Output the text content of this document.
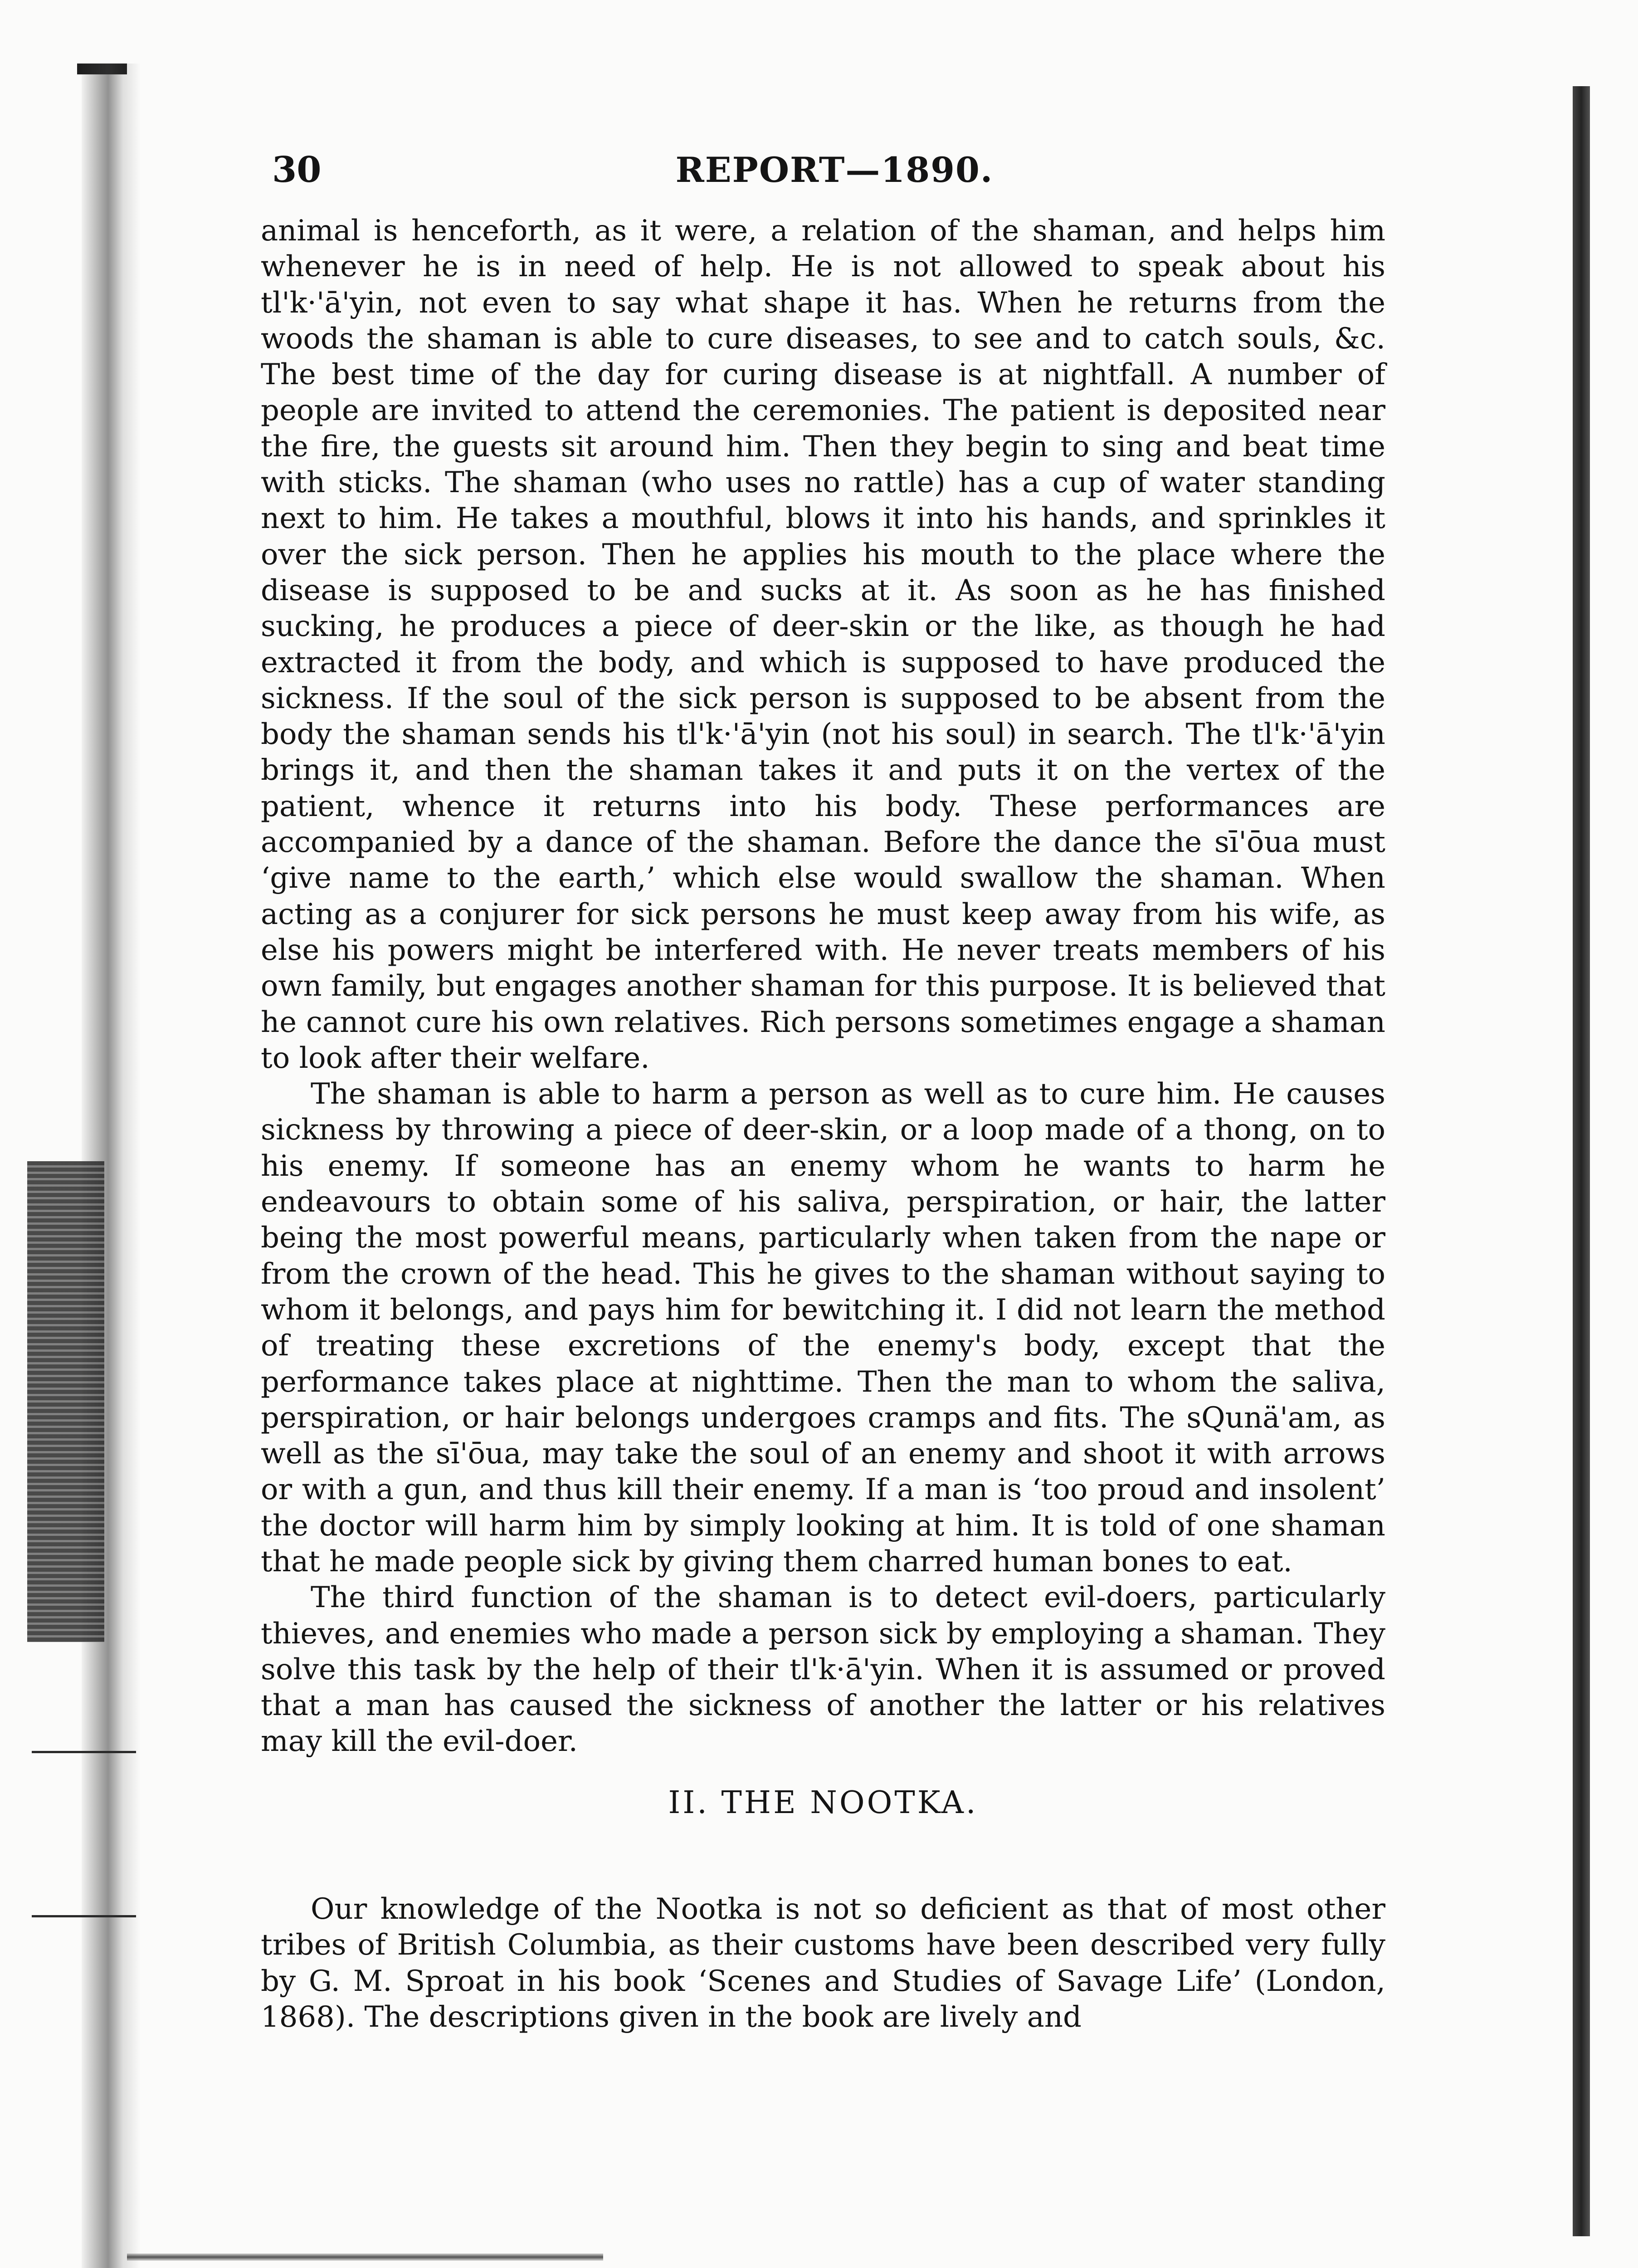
30	REPORT—1890.

animal is henceforth, as it were, a relation of the shaman, and helps him whenever he is in need of help. He is not allowed to speak about his tl'k·'ā'yin, not even to say what shape it has. When he returns from the woods the shaman is able to cure diseases, to see and to catch souls, &c. The best time of the day for curing disease is at nightfall. A number of people are invited to attend the ceremonies. The patient is deposited near the fire, the guests sit around him. Then they begin to sing and beat time with sticks. The shaman (who uses no rattle) has a cup of water standing next to him. He takes a mouthful, blows it into his hands, and sprinkles it over the sick person. Then he applies his mouth to the place where the disease is supposed to be and sucks at it. As soon as he has finished sucking, he produces a piece of deer-skin or the like, as though he had extracted it from the body, and which is supposed to have produced the sickness. If the soul of the sick person is supposed to be absent from the body the shaman sends his tl'k·'ā'yin (not his soul) in search. The tl'k·'ā'yin brings it, and then the shaman takes it and puts it on the vertex of the patient, whence it returns into his body. These performances are accompanied by a dance of the shaman. Before the dance the sī'ōua must ‘give name to the earth,’ which else would swallow the shaman. When acting as a conjurer for sick persons he must keep away from his wife, as else his powers might be interfered with. He never treats members of his own family, but engages another shaman for this purpose. It is believed that he cannot cure his own relatives. Rich persons sometimes engage a shaman to look after their welfare.

The shaman is able to harm a person as well as to cure him. He causes sickness by throwing a piece of deer-skin, or a loop made of a thong, on to his enemy. If someone has an enemy whom he wants to harm he endeavours to obtain some of his saliva, perspiration, or hair, the latter being the most powerful means, particularly when taken from the nape or from the crown of the head. This he gives to the shaman without saying to whom it belongs, and pays him for bewitching it. I did not learn the method of treating these excretions of the enemy's body, except that the performance takes place at nighttime. Then the man to whom the saliva, perspiration, or hair belongs undergoes cramps and fits. The sQunä'am, as well as the sī'ōua, may take the soul of an enemy and shoot it with arrows or with a gun, and thus kill their enemy. If a man is ‘too proud and insolent’ the doctor will harm him by simply looking at him. It is told of one shaman that he made people sick by giving them charred human bones to eat.

The third function of the shaman is to detect evil-doers, particularly thieves, and enemies who made a person sick by employing a shaman. They solve this task by the help of their tl'k·ā'yin. When it is assumed or proved that a man has caused the sickness of another the latter or his relatives may kill the evil-doer.

II. THE NOOTKA.

Our knowledge of the Nootka is not so deficient as that of most other tribes of British Columbia, as their customs have been described very fully by G. M. Sproat in his book ‘Scenes and Studies of Savage Life’ (London, 1868). The descriptions given in the book are lively and
